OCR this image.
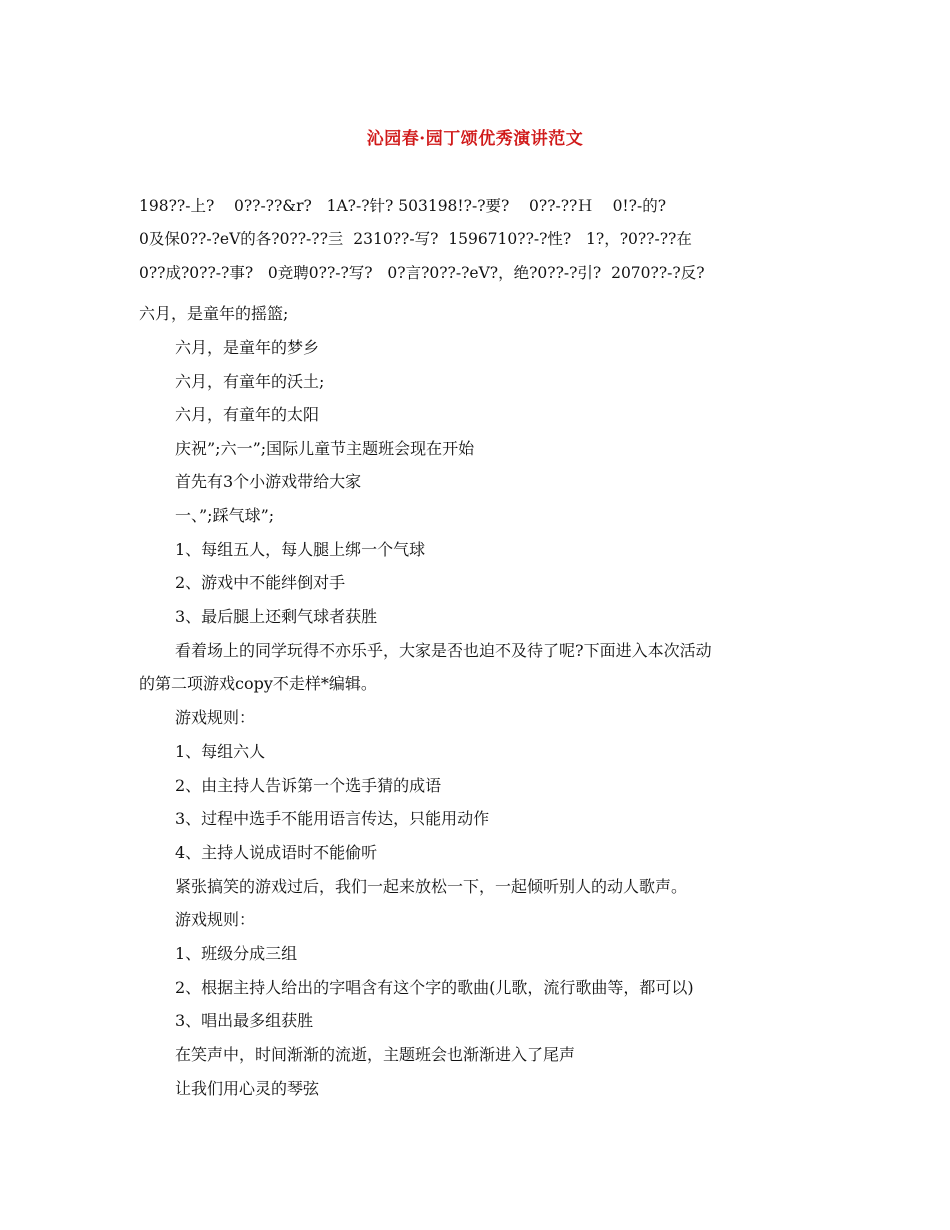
沁园春·园丁颂优秀演讲范文
198??-上?    0??-??&r?   1A?-?针? 503198!?-?要?    0??-??Ｈ    0!?-的?
0及保0??-?eV的各?0??-??亖  2310??-写?  1596710??-?性?   1?，?0??-??在
0??成?0??-?事?   0竞聘0??-?写?   0?言?0??-?eV?，绝?0??-?引?  2070??-?反?
六月，是童年的摇篮;
六月，是童年的梦乡
六月，有童年的沃土;
六月，有童年的太阳
庆祝”;六一”;国际儿童节主题班会现在开始
首先有3个小游戏带给大家
一、”;踩气球”;
1、每组五人，每人腿上绑一个气球
2、游戏中不能绊倒对手
3、最后腿上还剩气球者获胜
看着场上的同学玩得不亦乐乎，大家是否也迫不及待了呢?下面进入本次活动
的第二项游戏copy不走样*编辑。
游戏规则：
1、每组六人
2、由主持人告诉第一个选手猜的成语
3、过程中选手不能用语言传达，只能用动作
4、主持人说成语时不能偷听
紧张搞笑的游戏过后，我们一起来放松一下，一起倾听别人的动人歌声。
游戏规则：
1、班级分成三组
2、根据主持人给出的字唱含有这个字的歌曲(儿歌，流行歌曲等，都可以)
3、唱出最多组获胜
在笑声中，时间渐渐的流逝，主题班会也渐渐进入了尾声
让我们用心灵的琴弦
